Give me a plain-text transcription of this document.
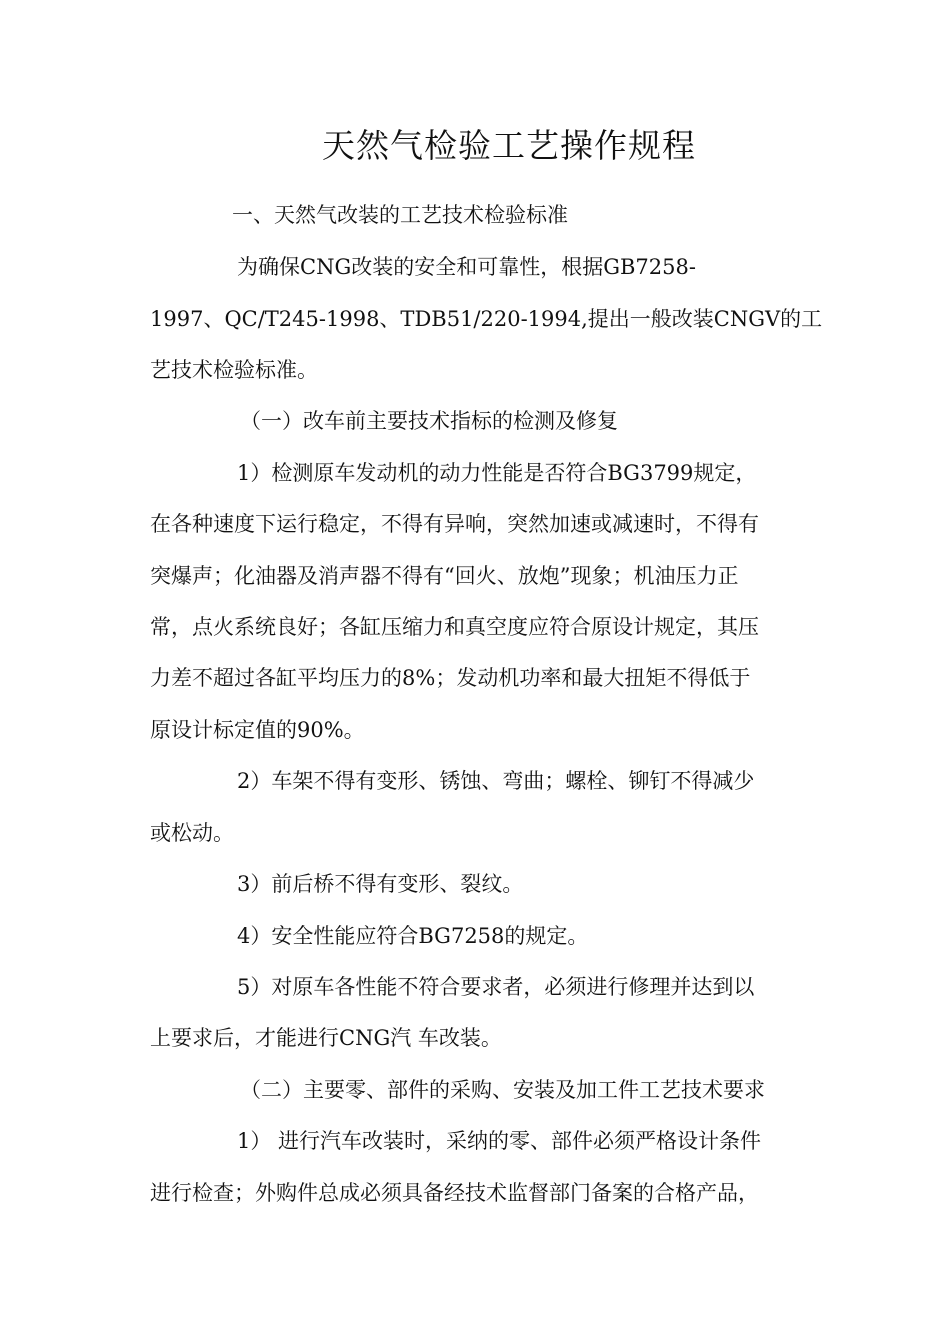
天然气检验工艺操作规程
一、天然气改装的工艺技术检验标准
为确保CNG改装的安全和可靠性，根据GB7258-
1997、QC/T245-1998、TDB51/220-1994,提出一般改装CNGV的工
艺技术检验标准。
（一）改车前主要技术指标的检测及修复
1）检测原车发动机的动力性能是否符合BG3799规定，
在各种速度下运行稳定，不得有异响，突然加速或减速时，不得有
突爆声；化油器及消声器不得有“回火、放炮”现象；机油压力正
常，点火系统良好；各缸压缩力和真空度应符合原设计规定，其压
力差不超过各缸平均压力的8%；发动机功率和最大扭矩不得低于
原设计标定值的90%。
2）车架不得有变形、锈蚀、弯曲；螺栓、铆钉不得减少
或松动。
3）前后桥不得有变形、裂纹。
4）安全性能应符合BG7258的规定。
5）对原车各性能不符合要求者，必须进行修理并达到以
上要求后，才能进行CNG汽 车改装。
（二）主要零、部件的采购、安装及加工件工艺技术要求
1） 进行汽车改装时，采纳的零、部件必须严格设计条件
进行检查；外购件总成必须具备经技术监督部门备案的合格产品，
